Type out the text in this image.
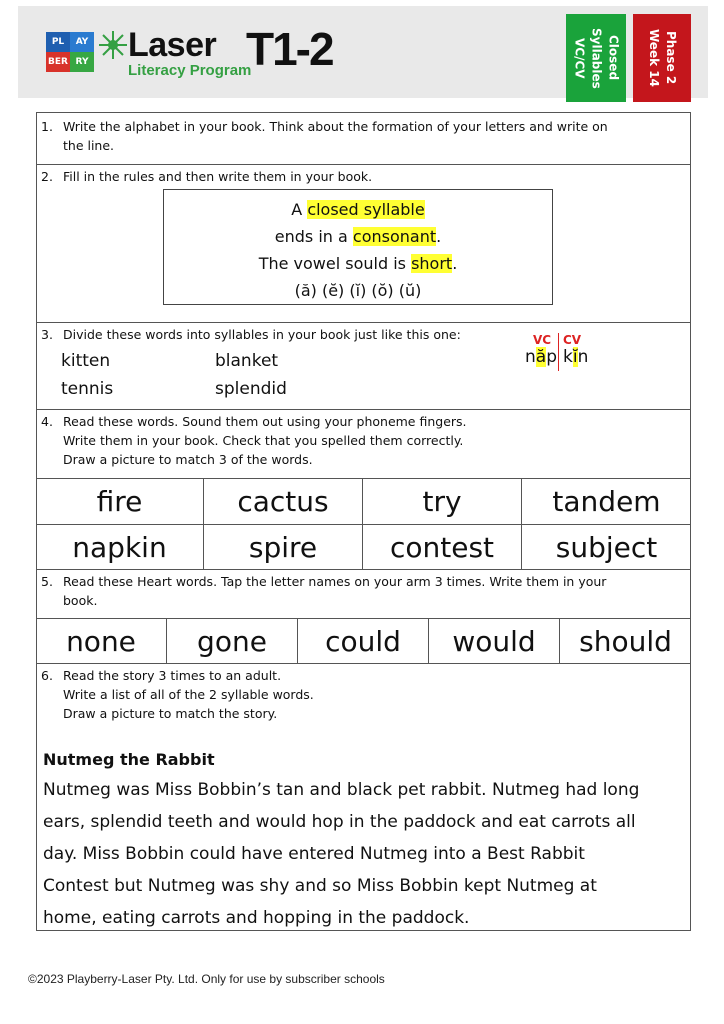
PL	AY
BER RY Laser
Literacy Program
T1-2	Closed
Syllables
VC/CV	Phase 2
Week 14
1. Write the alphabet in your book. Think about the formation of your letters and write on
the line.
2. Fill in the rules and then write them in your book.
A closed syllable
ends in a consonant.
The vowel sould is short.
(ă) (ĕ) (ĭ) (ŏ) (ŭ)
3. Divide these words into syllables in your book just like this one:
kitten	blanket
tennis	splendid
VC CV
năp kĭn
4. Read these words. Sound them out using your phoneme fingers.
Write them in your book. Check that you spelled them correctly.
Draw a picture to match 3 of the words.
fire	cactus	try	tandem
napkin	spire	contest	subject
5. Read these Heart words. Tap the letter names on your arm 3 times. Write them in your
book.
none	gone	could	would	should
6. Read the story 3 times to an adult.
Write a list of all of the 2 syllable words.
Draw a picture to match the story.
Nutmeg the Rabbit
Nutmeg was Miss Bobbin’s tan and black pet rabbit. Nutmeg had long
ears, splendid teeth and would hop in the paddock and eat carrots all
day. Miss Bobbin could have entered Nutmeg into a Best Rabbit
Contest but Nutmeg was shy and so Miss Bobbin kept Nutmeg at
home, eating carrots and hopping in the paddock.
©2023 Playberry-Laser Pty. Ltd. Only for use by subscriber schools
